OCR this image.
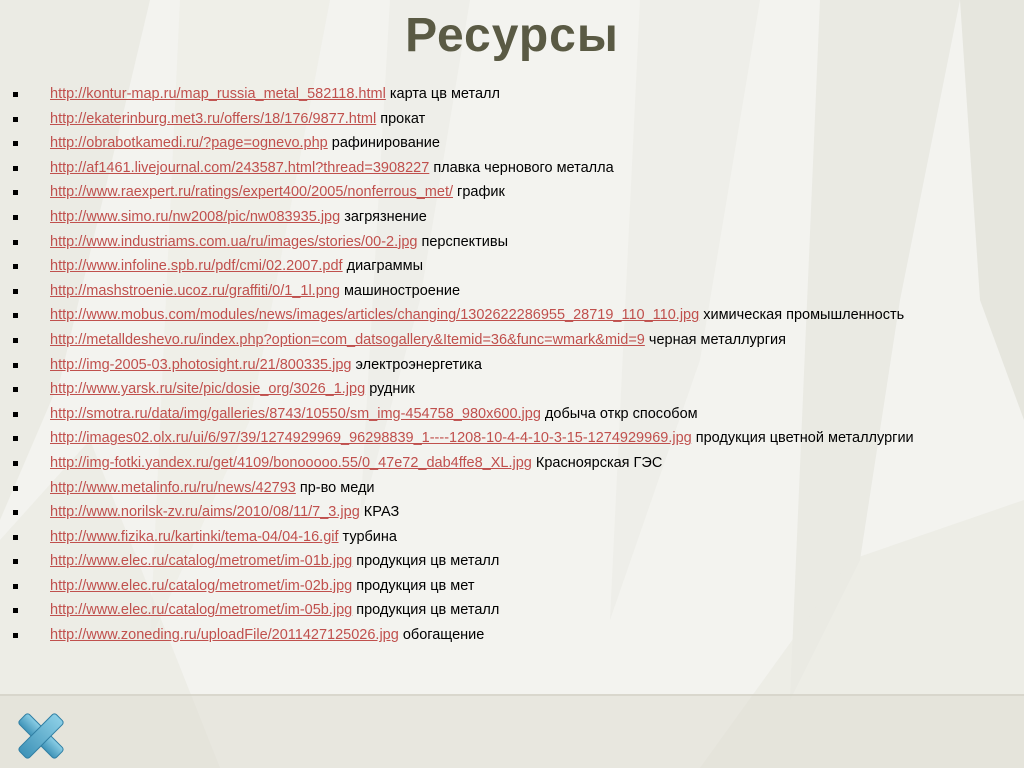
Ресурсы
http://kontur-map.ru/map_russia_metal_582118.html карта цв металл
http://ekaterinburg.met3.ru/offers/18/176/9877.html прокат
http://obrabotkamedi.ru/?page=ognevo.php рафинирование
http://af1461.livejournal.com/243587.html?thread=3908227 плавка чернового металла
http://www.raexpert.ru/ratings/expert400/2005/nonferrous_met/ график
http://www.simo.ru/nw2008/pic/nw083935.jpg загрязнение
http://www.industriams.com.ua/ru/images/stories/00-2.jpg перспективы
http://www.infoline.spb.ru/pdf/cmi/02.2007.pdf диаграммы
http://mashstroenie.ucoz.ru/graffiti/0/1_1l.png машиностроение
http://www.mobus.com/modules/news/images/articles/changing/1302622286955_28719_110_110.jpg химическая промышленность
http://metalldeshevo.ru/index.php?option=com_datsogallery&Itemid=36&func=wmark&mid=9 черная металлургия
http://img-2005-03.photosight.ru/21/800335.jpg электроэнергетика
http://www.yarsk.ru/site/pic/dosie_org/3026_1.jpg рудник
http://smotra.ru/data/img/galleries/8743/10550/sm_img-454758_980x600.jpg добыча откр способом
http://images02.olx.ru/ui/6/97/39/1274929969_96298839_1----1208-10-4-4-10-3-15-1274929969.jpg продукция цветной металлургии
http://img-fotki.yandex.ru/get/4109/bonooooo.55/0_47e72_dab4ffe8_XL.jpg Красноярская ГЭС
http://www.metalinfo.ru/ru/news/42793 пр-во меди
http://www.norilsk-zv.ru/aims/2010/08/11/7_3.jpg КРАЗ
http://www.fizika.ru/kartinki/tema-04/04-16.gif турбина
http://www.elec.ru/catalog/metromet/im-01b.jpg продукция цв металл
http://www.elec.ru/catalog/metromet/im-02b.jpg продукция цв мет
http://www.elec.ru/catalog/metromet/im-05b.jpg продукция цв металл
http://www.zoneding.ru/uploadFile/2011427125026.jpg обогащение
